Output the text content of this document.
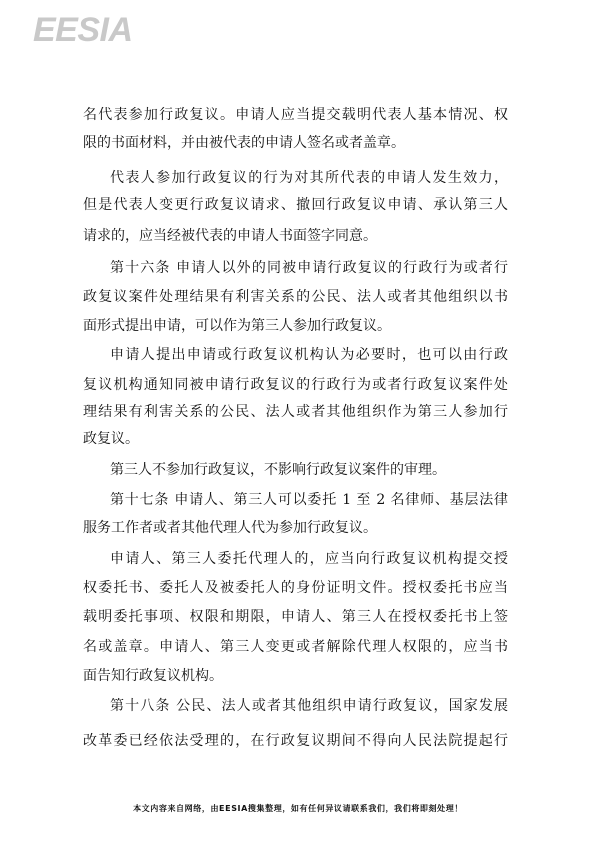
EESIA
名代表参加行政复议。申请人应当提交载明代表人基本情况、权
限的书面材料，并由被代表的申请人签名或者盖章。
代表人参加行政复议的行为对其所代表的申请人发生效力，
但是代表人变更行政复议请求、撤回行政复议申请、承认第三人
请求的，应当经被代表的申请人书面签字同意。
第十六条 申请人以外的同被申请行政复议的行政行为或者行
政复议案件处理结果有利害关系的公民、法人或者其他组织以书
面形式提出申请，可以作为第三人参加行政复议。
申请人提出申请或行政复议机构认为必要时，也可以由行政
复议机构通知同被申请行政复议的行政行为或者行政复议案件处
理结果有利害关系的公民、法人或者其他组织作为第三人参加行
政复议。
第三人不参加行政复议，不影响行政复议案件的审理。
第十七条 申请人、第三人可以委托 1 至 2 名律师、基层法律
服务工作者或者其他代理人代为参加行政复议。
申请人、第三人委托代理人的，应当向行政复议机构提交授
权委托书、委托人及被委托人的身份证明文件。授权委托书应当
载明委托事项、权限和期限，申请人、第三人在授权委托书上签
名或盖章。申请人、第三人变更或者解除代理人权限的，应当书
面告知行政复议机构。
第十八条 公民、法人或者其他组织申请行政复议，国家发展
改革委已经依法受理的，在行政复议期间不得向人民法院提起行
本文内容来自网络，由EESIA搜集整理，如有任何异议请联系我们，我们将即刻处理！
